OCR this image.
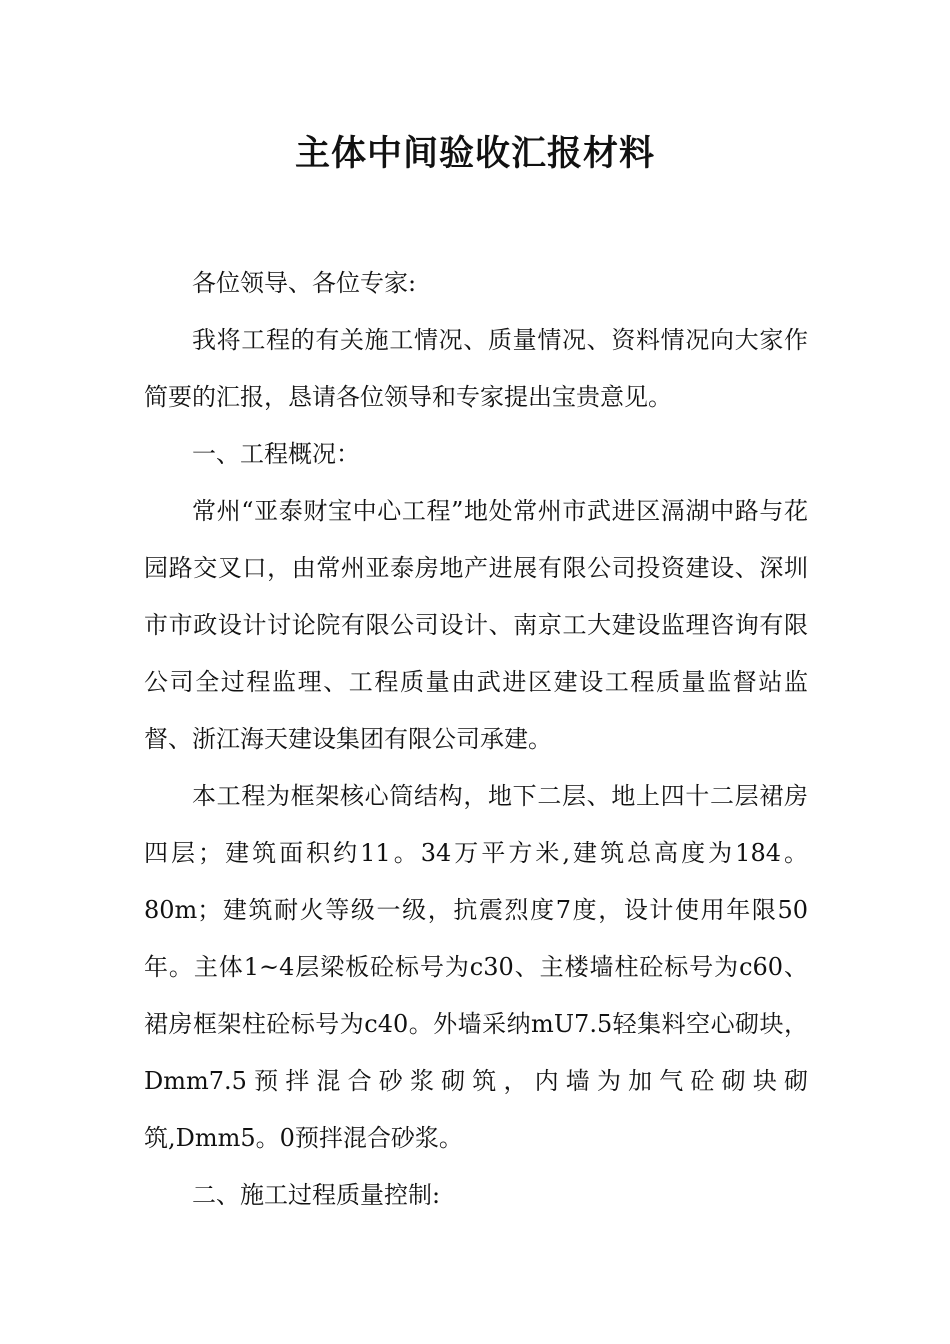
主体中间验收汇报材料

各位领导、各位专家:

我将工程的有关施工情况、质量情况、资料情况向大家作简要的汇报，恳请各位领导和专家提出宝贵意见。

一、工程概况：

常州“亚泰财宝中心工程”地处常州市武进区滆湖中路与花园路交叉口，由常州亚泰房地产进展有限公司投资建设、深圳市市政设计讨论院有限公司设计、南京工大建设监理咨询有限公司全过程监理、工程质量由武进区建设工程质量监督站监督、浙江海天建设集团有限公司承建。

本工程为框架核心筒结构，地下二层、地上四十二层裙房四层；建筑面积约11。34万平方米,建筑总高度为184。80m；建筑耐火等级一级，抗震烈度7度，设计使用年限50年。主体1~4层梁板砼标号为c30、主楼墙柱砼标号为c60、裙房框架柱砼标号为c40。外墙采纳mU7.5轻集料空心砌块，Dmm7.5预拌混合砂浆砌筑，内墙为加气砼砌块砌筑,Dmm5。0预拌混合砂浆。

二、施工过程质量控制:
